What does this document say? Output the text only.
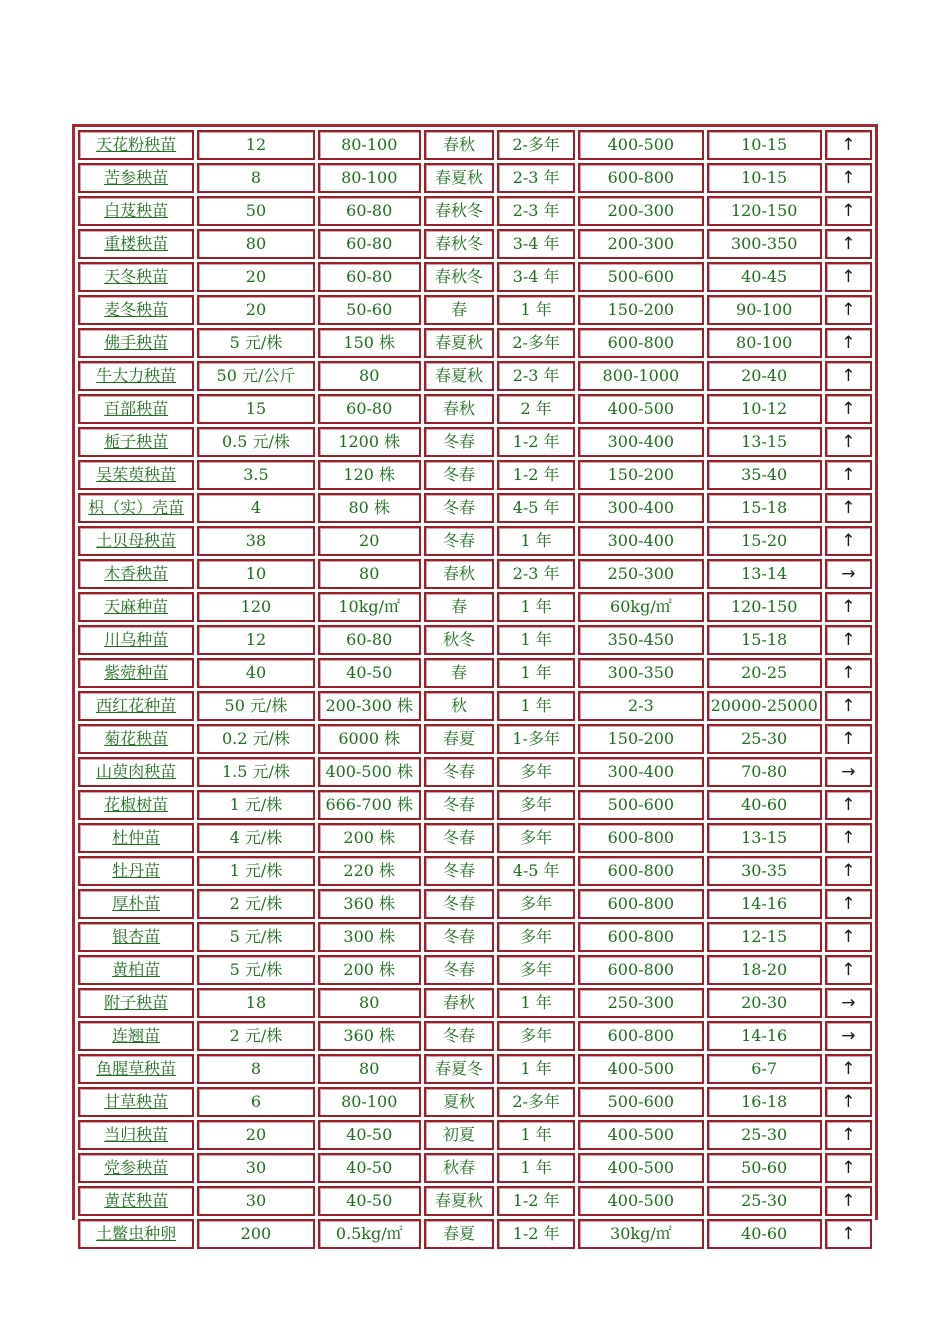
天花粉秧苗	12	80-100	春秋	2-多年	400-500	10-15	↑
苦参秧苗	8	80-100	春夏秋	2-3 年	600-800	10-15	↑
白芨秧苗	50	60-80	春秋冬	2-3 年	200-300	120-150	↑
重楼秧苗	80	60-80	春秋冬	3-4 年	200-300	300-350	↑
天冬秧苗	20	60-80	春秋冬	3-4 年	500-600	40-45	↑
麦冬秧苗	20	50-60	春	1 年	150-200	90-100	↑
佛手秧苗	5 元/株	150 株	春夏秋	2-多年	600-800	80-100	↑
牛大力秧苗	50 元/公斤	80	春夏秋	2-3 年	800-1000	20-40	↑
百部秧苗	15	60-80	春秋	2 年	400-500	10-12	↑
栀子秧苗	0.5 元/株	1200 株	冬春	1-2 年	300-400	13-15	↑
吴茱萸秧苗	3.5	120 株	冬春	1-2 年	150-200	35-40	↑
枳（实）壳苗	4	80 株	冬春	4-5 年	300-400	15-18	↑
土贝母秧苗	38	20	冬春	1 年	300-400	15-20	↑
木香秧苗	10	80	春秋	2-3 年	250-300	13-14	→
天麻种苗	120	10kg/㎡	春	1 年	60kg/㎡	120-150	↑
川乌种苗	12	60-80	秋冬	1 年	350-450	15-18	↑
紫菀种苗	40	40-50	春	1 年	300-350	20-25	↑
西红花种苗	50 元/株	200-300 株	秋	1 年	2-3	20000-25000	↑
菊花秧苗	0.2 元/株	6000 株	春夏	1-多年	150-200	25-30	↑
山萸肉秧苗	1.5 元/株	400-500 株	冬春	多年	300-400	70-80	→
花椒树苗	1 元/株	666-700 株	冬春	多年	500-600	40-60	↑
杜仲苗	4 元/株	200 株	冬春	多年	600-800	13-15	↑
牡丹苗	1 元/株	220 株	冬春	4-5 年	600-800	30-35	↑
厚朴苗	2 元/株	360 株	冬春	多年	600-800	14-16	↑
银杏苗	5 元/株	300 株	冬春	多年	600-800	12-15	↑
黄柏苗	5 元/株	200 株	冬春	多年	600-800	18-20	↑
附子秧苗	18	80	春秋	1 年	250-300	20-30	→
连翘苗	2 元/株	360 株	冬春	多年	600-800	14-16	→
鱼腥草秧苗	8	80	春夏冬	1 年	400-500	6-7	↑
甘草秧苗	6	80-100	夏秋	2-多年	500-600	16-18	↑
当归秧苗	20	40-50	初夏	1 年	400-500	25-30	↑
党参秧苗	30	40-50	秋春	1 年	400-500	50-60	↑
黄芪秧苗	30	40-50	春夏秋	1-2 年	400-500	25-30	↑
土鳖虫种卵	200	0.5kg/㎡	春夏	1-2 年	30kg/㎡	40-60	↑
